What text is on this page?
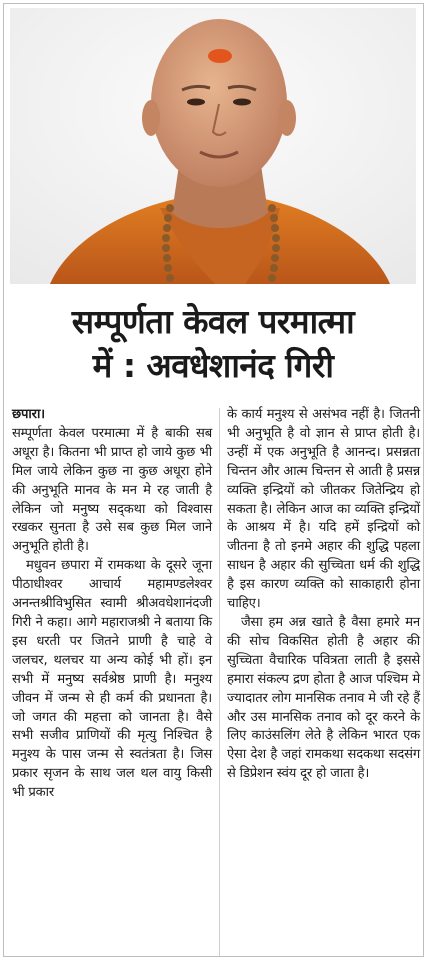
सम्पूर्णता केवल परमात्मा
में : अवधेशानंद गिरी

छपारा।

सम्पूर्णता केवल परमात्मा में है बाकी सब अधूरा है। कितना भी प्राप्त हो जाये कुछ भी मिल जाये लेकिन कुछ ना कुछ अधूरा होने की अनुभूति मानव के मन मे रह जाती है लेकिन जो मनुष्य सद्कथा को विश्वास रखकर सुनता है उसे सब कुछ मिल जाने अनुभूति होती है।

मधुवन छपारा में रामकथा के दूसरे जूना पीठाधीश्वर आचार्य महामण्डलेश्वर अनन्तश्रीविभुसित स्वामी श्रीअवधेशानंदजी गिरी ने कहा। आगे महाराजश्री ने बताया कि इस धरती पर जितने प्राणी है चाहे वे जलचर, थलचर या अन्य कोई भी हों। इन सभी में मनुष्य सर्वश्रेष्ठ प्राणी है। मनुश्य जीवन में जन्म से ही कर्म की प्रधानता है। जो जगत की महत्ता को जानता है। वैसे सभी सजीव प्राणियों की मृत्यु निश्चित है मनुश्य के पास जन्म से स्वतंत्रता है। जिस प्रकार सृजन के साथ जल थल वायु किसी भी प्रकार

के कार्य मनुश्य से असंभव नहीं है। जितनी भी अनुभूति है वो ज्ञान से प्राप्त होती है। उन्हीं में एक अनुभूति है आनन्द। प्रसन्नता चिन्तन और आत्म चिन्तन से आती है प्रसन्न व्यक्ति इन्द्रियों को जीतकर जितेन्द्रिय हो सकता है। लेकिन आज का व्यक्ति इन्द्रियों के आश्रय में है। यदि हमें इन्द्रियों को जीतना है तो इनमे अहार की शुद्धि पहला साधन है अहार की सुच्चिता धर्म की शुद्धि है इस कारण व्यक्ति को साकाहारी होना चाहिए।

जैसा हम अन्न खाते है वैसा हमारे मन की सोच विकसित होती है अहार की सुच्चिता वैचारिक पवित्रता लाती है इससे हमारा संकल्प द्रण होता है आज पश्चिम मे ज्यादातर लोग मानसिक तनाव मे जी रहे हैं और उस मानसिक तनाव को दूर करने के लिए काउंसलिंग लेते है लेकिन भारत एक ऐसा देश है जहां रामकथा सदकथा सदसंग से डिप्रेशन स्वंय दूर हो जाता है।
